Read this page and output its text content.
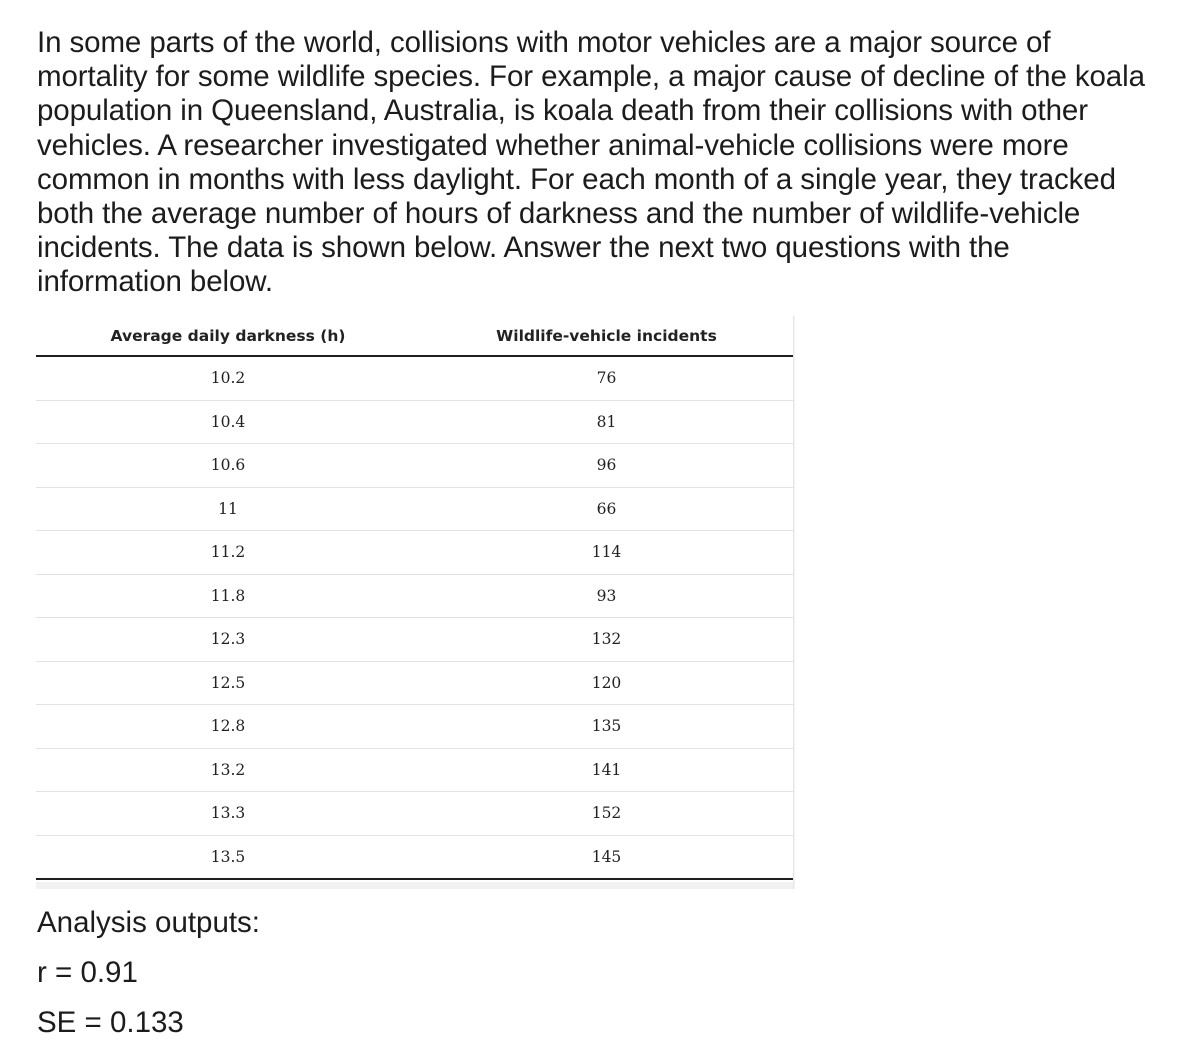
In some parts of the world, collisions with motor vehicles are a major source of mortality for some wildlife species. For example, a major cause of decline of the koala population in Queensland, Australia, is koala death from their collisions with other vehicles. A researcher investigated whether animal-vehicle collisions were more common in months with less daylight. For each month of a single year, they tracked both the average number of hours of darkness and the number of wildlife-vehicle incidents. The data is shown below. Answer the next two questions with the information below.

Average daily darkness (h)	Wildlife-vehicle incidents
10.2	76
10.4	81
10.6	96
11	66
11.2	114
11.8	93
12.3	132
12.5	120
12.8	135
13.2	141
13.3	152
13.5	145
Analysis outputs:
r = 0.91
SE = 0.133
